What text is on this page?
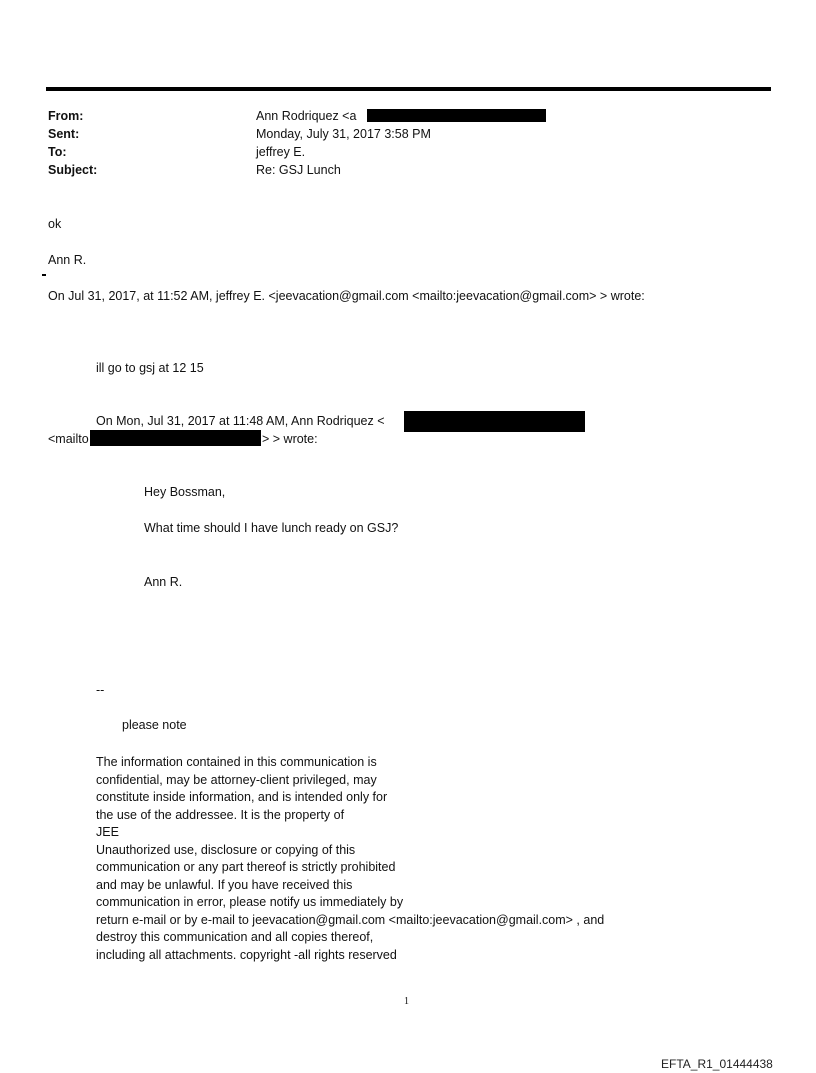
From:	Ann Rodriquez <a
Sent:	Monday, July 31, 2017 3:58 PM
To:	jeffrey E.
Subject:	Re: GSJ Lunch
ok
Ann R.
On Jul 31, 2017, at 11:52 AM, jeffrey E. <jeevacation@gmail.com <mailto:jeevacation@gmail.com> > wrote:
ill go to gsj at 12 15
On Mon, Jul 31, 2017 at 11:48 AM, Ann Rodriquez <
<mailto	> > wrote:
Hey Bossman,
What time should I have lunch ready on GSJ?
Ann R.
--
please note
The information contained in this communication is
confidential, may be attorney-client privileged, may
constitute inside information, and is intended only for
the use of the addressee. It is the property of
JEE
Unauthorized use, disclosure or copying of this
communication or any part thereof is strictly prohibited
and may be unlawful. If you have received this
communication in error, please notify us immediately by
return e-mail or by e-mail to jeevacation@gmail.com <mailto:jeevacation@gmail.com> , and
destroy this communication and all copies thereof,
including all attachments. copyright -all rights reserved
1
EFTA_R1_01444438
